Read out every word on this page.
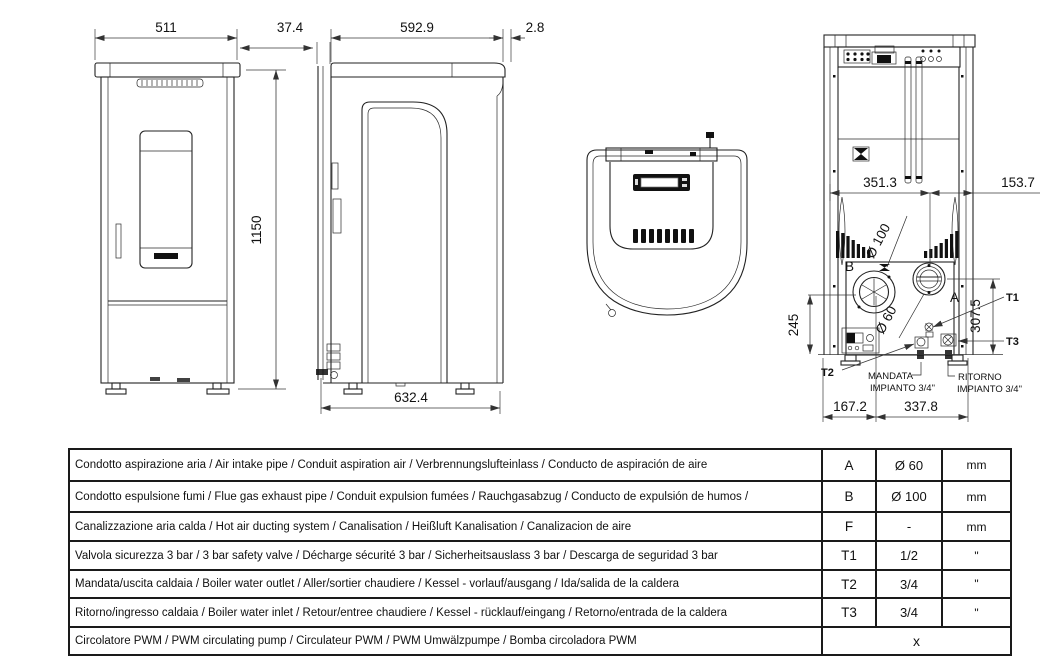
511	37.4
1150
592.9	2.8
632.4
351.3	153.7
245	307.5
167.2	337.8
Ø 100
Ø 60
B
A	T1
T3
T2	MANDATA
IMPIANTO 3/4"
RITORNO
IMPIANTO 3/4"
Condotto aspirazione aria / Air intake pipe / Conduit aspiration air / Verbrennungslufteinlass / Conducto de aspiración de aire	A	Ø 60	mm
Condotto espulsione fumi / Flue gas exhaust pipe / Conduit expulsion fumées / Rauchgasabzug / Conducto de expulsión de humos /	B	Ø 100	mm
Canalizzazione aria calda / Hot air ducting system / Canalisation / Heißluft Kanalisation / Canalizacion de aire	F	-	mm
Valvola sicurezza 3 bar / 3 bar safety valve / Décharge sécurité 3 bar / Sicherheitsauslass 3 bar / Descarga de seguridad 3 bar	T1	1/2	"
Mandata/uscita caldaia / Boiler water outlet / Aller/sortier chaudiere / Kessel - vorlauf/ausgang / Ida/salida de la caldera	T2	3/4	"
Ritorno/ingresso caldaia / Boiler water inlet / Retour/entree chaudiere / Kessel - rücklauf/eingang / Retorno/entrada de la caldera	T3	3/4	"
Circolatore PWM / PWM circulating pump / Circulateur PWM / PWM Umwälzpumpe / Bomba circoladora PWM	x
